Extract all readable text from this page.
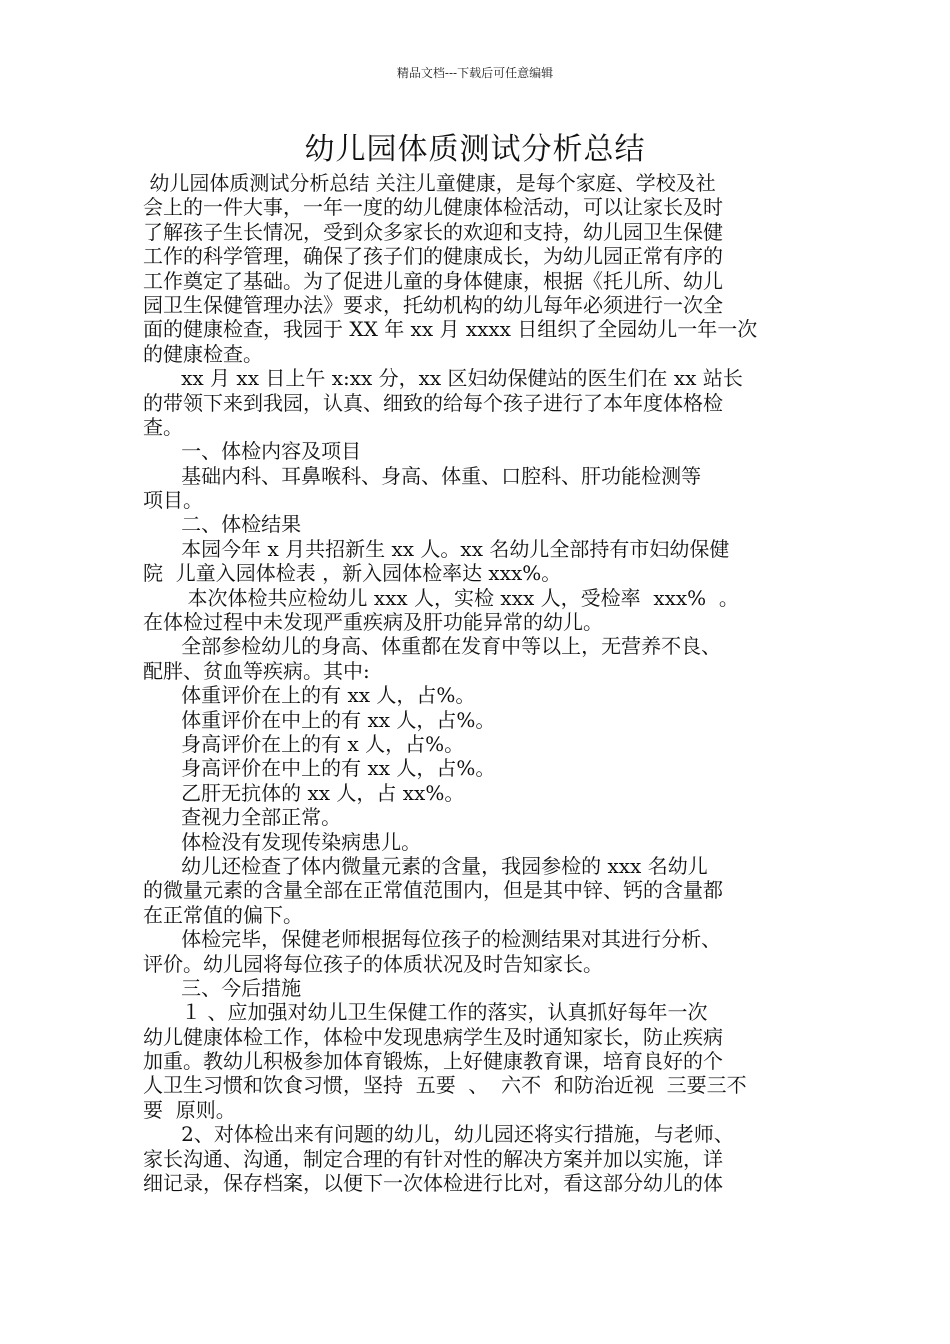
精品文档---下载后可任意编辑
幼儿园体质测试分析总结
幼儿园体质测试分析总结 关注儿童健康，是每个家庭、学校及社
会上的一件大事，一年一度的幼儿健康体检活动，可以让家长及时
了解孩子生长情况，受到众多家长的欢迎和支持，幼儿园卫生保健
工作的科学管理，确保了孩子们的健康成长，为幼儿园正常有序的
工作奠定了基础。为了促进儿童的身体健康，根据《托儿所、幼儿
园卫生保健管理办法》要求，托幼机构的幼儿每年必须进行一次全
面的健康检查，我园于 XX 年 xx 月 xxxx 日组织了全园幼儿一年一次
的健康检查。
xx 月 xx 日上午 x:xx 分，xx 区妇幼保健站的医生们在 xx 站长
的带领下来到我园，认真、细致的给每个孩子进行了本年度体格检
查。
一、体检内容及项目
基础内科、耳鼻喉科、身高、体重、口腔科、肝功能检测等
项目。
二、体检结果
本园今年 x 月共招新生 xx 人。xx 名幼儿全部持有市妇幼保健
院  儿童入园体检表 ，新入园体检率达 xxx%。
本次体检共应检幼儿 xxx 人，实检 xxx 人，受检率  xxx%  。
在体检过程中未发现严重疾病及肝功能异常的幼儿。
全部参检幼儿的身高、体重都在发育中等以上，无营养不良、
配胖、贫血等疾病。其中:
体重评价在上的有 xx 人，占%。
体重评价在中上的有 xx 人，占%。
身高评价在上的有 x 人，占%。
身高评价在中上的有 xx 人，占%。
乙肝无抗体的 xx 人，占 xx%。
查视力全部正常。
体检没有发现传染病患儿。
幼儿还检查了体内微量元素的含量，我园参检的 xxx 名幼儿
的微量元素的含量全部在正常值范围内，但是其中锌、钙的含量都
在正常值的偏下。
体检完毕，保健老师根据每位孩子的检测结果对其进行分析、
评价。幼儿园将每位孩子的体质状况及时告知家长。
三、今后措施
１ 、应加强对幼儿卫生保健工作的落实，认真抓好每年一次
幼儿健康体检工作，体检中发现患病学生及时通知家长，防止疾病
加重。教幼儿积极参加体育锻炼，上好健康教育课，培育良好的个
人卫生习惯和饮食习惯，坚持  五要  、  六不  和防治近视  三要三不
要  原则。
2、对体检出来有问题的幼儿，幼儿园还将实行措施，与老师、
家长沟通、沟通，制定合理的有针对性的解决方案并加以实施，详
细记录，保存档案，以便下一次体检进行比对，看这部分幼儿的体
